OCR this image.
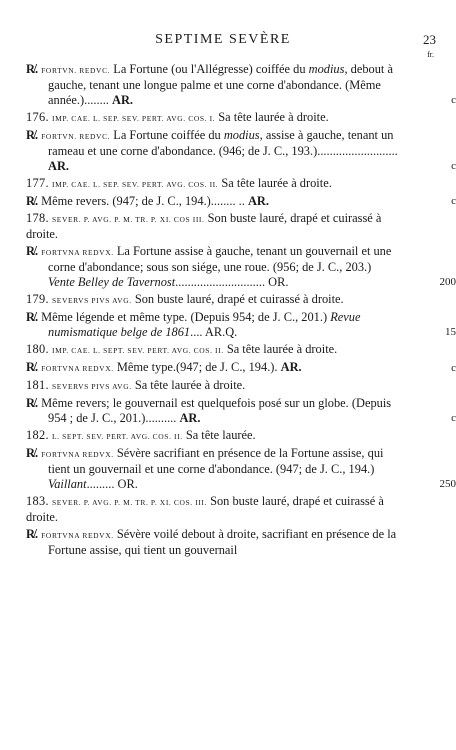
SEPTIME SEVÈRE	23
fr.
R̸. FORTVN. REDVC. La Fortune (ou l'Allégresse) coiffée du modius, debout à gauche, tenant une longue palme et une corne d'abondance. (Même année.)........ AR.	c
176. IMP. CAE. L. SEP. SEV. PERT. AVG. COS. I. Sa tête laurée à droite.
R̸. FORTVN. REDVC. La Fortune coiffée du modius, assise à gauche, tenant un rameau et une corne d'abondance. (946; de J. C., 193.).......................... AR.	c
177. IMP. CAE. L. SEP. SEV. PERT. AVG. COS. II. Sa tête laurée à droite.
R̸. Même revers. (947; de J. C., 194.)........ .. AR.	c
178. SEVER. P. AVG. P. M. TR. P. XI. COS III. Son buste lauré, drapé et cuirassé à droite.
R̸. FORTVNA REDVX. La Fortune assise à gauche, tenant un gouvernail et une corne d'abondance; sous son siége, une roue. (956; de J. C., 203.) Vente Belley de Tavernost............................. OR.	200
179. SEVERVS PIVS AVG. Son buste lauré, drapé et cuirassé à droite.
R̸. Même légende et même type. (Depuis 954; de J. C., 201.) Revue numismatique belge de 1861.... AR.Q.	15
180. IMP. CAE. L. SEPT. SEV. PERT. AVG. COS. II. Sa tête laurée à droite.
R̸. FORTVNA REDVX. Même type.(947; de J. C., 194.). AR.	c
181. SEVERVS PIVS AVG. Sa tête laurée à droite.
R̸. Même revers; le gouvernail est quelquefois posé sur un globe. (Depuis 954 ; de J. C., 201.).......... AR.	c
182. L. SEPT. SEV. PERT. AVG. COS. II. Sa tête laurée.
R̸. FORTVNA REDVX. Sévère sacrifiant en présence de la Fortune assise, qui tient un gouvernail et une corne d'abondance. (947; de J. C., 194.) Vaillant......... OR.	250
183. SEVER. P. AVG. P. M. TR. P. XI. COS. III. Son buste lauré, drapé et cuirassé à droite.
R̸. FORTVNA REDVX. Sévère voilé debout à droite, sacrifiant en présence de la Fortune assise, qui tient un gouvernail
